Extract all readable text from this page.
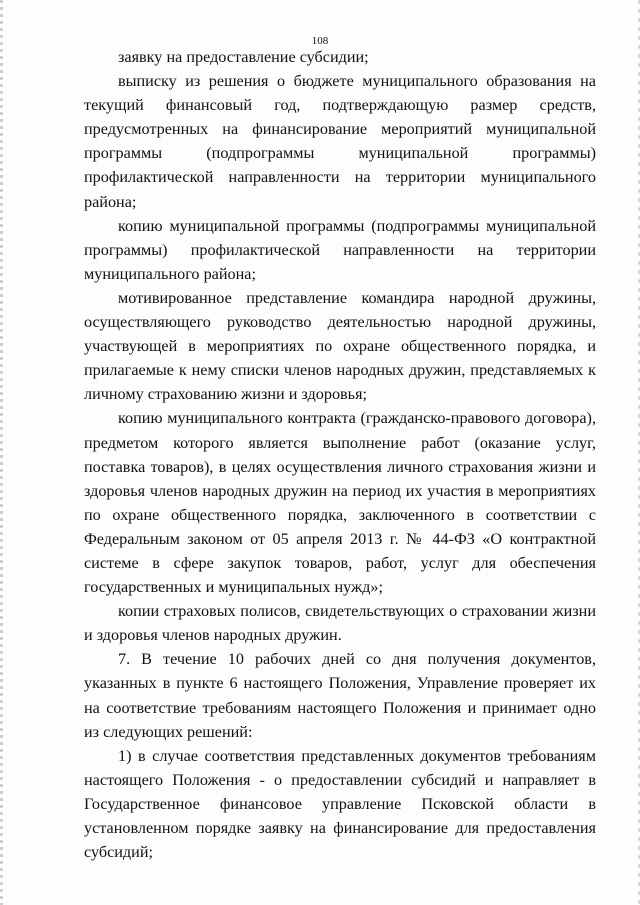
108

заявку на предоставление субсидии;

выписку из решения о бюджете муниципального образования на текущий финансовый год, подтверждающую размер средств, предусмотренных на финансирование мероприятий муниципальной программы (подпрограммы муниципальной программы) профилактической направленности на территории муниципального района;

копию муниципальной программы (подпрограммы муниципальной программы) профилактической направленности на территории муниципального района;

мотивированное представление командира народной дружины, осуществляющего руководство деятельностью народной дружины, участвующей в мероприятиях по охране общественного порядка, и прилагаемые к нему списки членов народных дружин, представляемых к личному страхованию жизни и здоровья;

копию муниципального контракта (гражданско-правового договора), предметом которого является выполнение работ (оказание услуг, поставка товаров), в целях осуществления личного страхования жизни и здоровья членов народных дружин на период их участия в мероприятиях по охране общественного порядка, заключенного в соответствии с Федеральным законом от 05 апреля 2013 г. № 44-ФЗ «О контрактной системе в сфере закупок товаров, работ, услуг для обеспечения государственных и муниципальных нужд»;

копии страховых полисов, свидетельствующих о страховании жизни и здоровья членов народных дружин.

7. В течение 10 рабочих дней со дня получения документов, указанных в пункте 6 настоящего Положения, Управление проверяет их на соответствие требованиям настоящего Положения и принимает одно из следующих решений:

1) в случае соответствия представленных документов требованиям настоящего Положения - о предоставлении субсидий и направляет в Государственное финансовое управление Псковской области в установленном порядке заявку на финансирование для предоставления субсидий;
